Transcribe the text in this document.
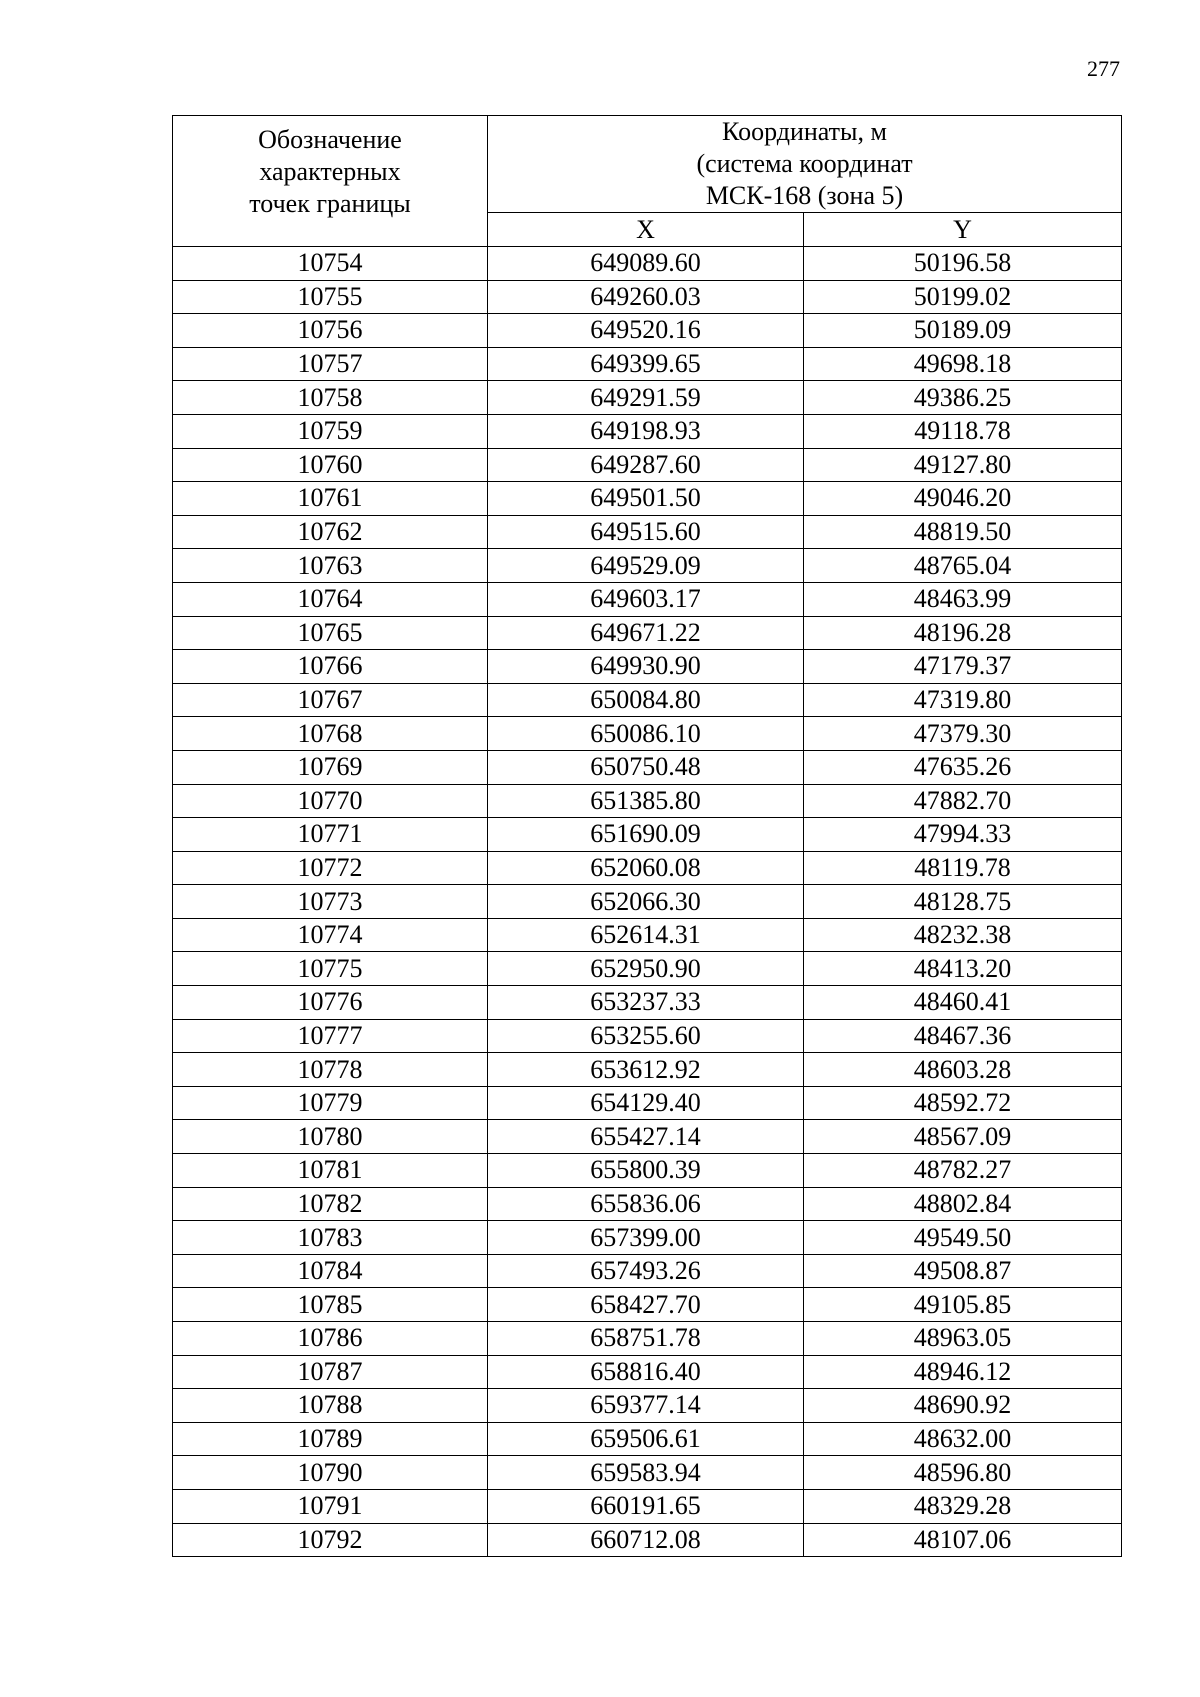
277
Обозначение
характерных
точек границы	Координаты, м
(система координат
МСК-168 (зона 5)	

	X	Y
10754	649089.60	50196.58
10755	649260.03	50199.02
10756	649520.16	50189.09
10757	649399.65	49698.18
10758	649291.59	49386.25
10759	649198.93	49118.78
10760	649287.60	49127.80
10761	649501.50	49046.20
10762	649515.60	48819.50
10763	649529.09	48765.04
10764	649603.17	48463.99
10765	649671.22	48196.28
10766	649930.90	47179.37
10767	650084.80	47319.80
10768	650086.10	47379.30
10769	650750.48	47635.26
10770	651385.80	47882.70
10771	651690.09	47994.33
10772	652060.08	48119.78
10773	652066.30	48128.75
10774	652614.31	48232.38
10775	652950.90	48413.20
10776	653237.33	48460.41
10777	653255.60	48467.36
10778	653612.92	48603.28
10779	654129.40	48592.72
10780	655427.14	48567.09
10781	655800.39	48782.27
10782	655836.06	48802.84
10783	657399.00	49549.50
10784	657493.26	49508.87
10785	658427.70	49105.85
10786	658751.78	48963.05
10787	658816.40	48946.12
10788	659377.14	48690.92
10789	659506.61	48632.00
10790	659583.94	48596.80
10791	660191.65	48329.28
10792	660712.08	48107.06
